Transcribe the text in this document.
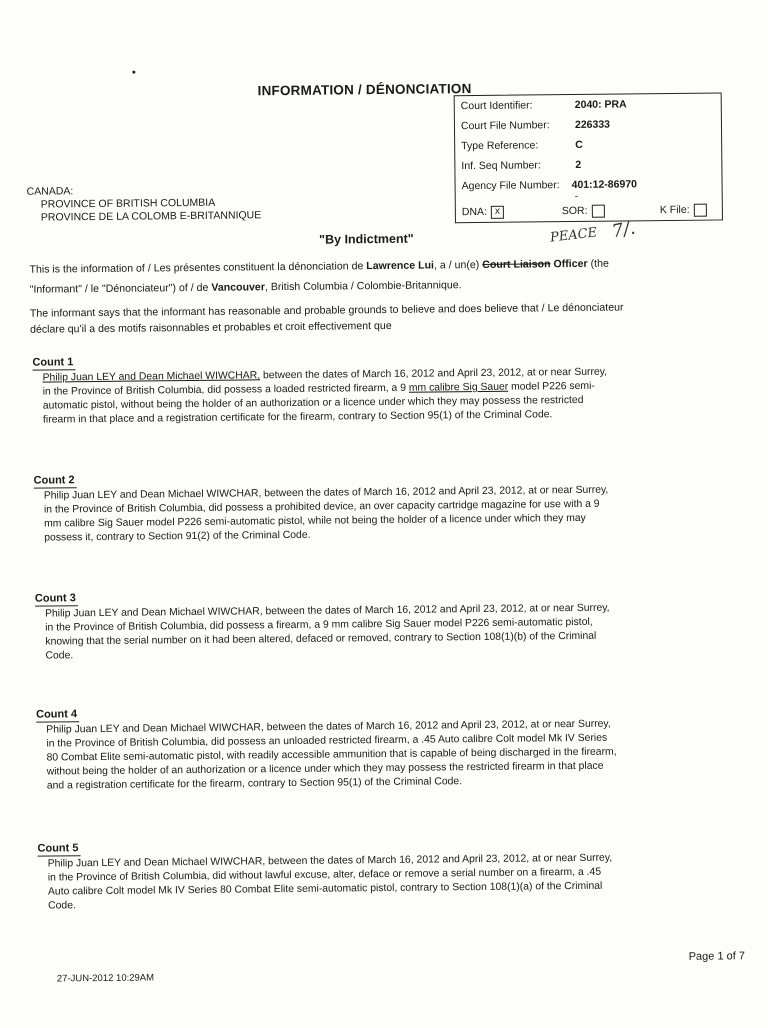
INFORMATION / DÉNONCIATION
Court Identifier:	2040: PRA
Court File Number: 226333
Type Reference:	C
Inf. Seq Number:	2
Agency File Number: 401:12-86970
DNA: x	SOR:	K File:
-
CANADA:
PROVINCE OF BRITISH COLUMBIA
PROVINCE DE LA COLOMB E-BRITANNIQUE
"By Indictment"	PEACE 7/.
This is the information of / Les présentes constituent la dénonciation de Lawrence Lui, a / un(e) Court Liaison Officer (the
"Informant" / le "Dénonciateur") of / de Vancouver, British Columbia / Colombie-Britannique.
The informant says that the informant has reasonable and probable grounds to believe and does believe that / Le dénonciateur
déclare qu'il a des motifs raisonnables et probables et croit effectivement que
Count 1
Philip Juan LEY and Dean Michael WIWCHAR, between the dates of March 16, 2012 and April 23, 2012, at or near Surrey,
in the Province of British Columbia, did possess a loaded restricted firearm, a 9 mm calibre Sig Sauer model P226 semi-
automatic pistol, without being the holder of an authorization or a licence under which they may possess the restricted
firearm in that place and a registration certificate for the firearm, contrary to Section 95(1) of the Criminal Code.
Count 2
Philip Juan LEY and Dean Michael WIWCHAR, between the dates of March 16, 2012 and April 23, 2012, at or near Surrey,
in the Province of British Columbia, did possess a prohibited device, an over capacity cartridge magazine for use with a 9
mm calibre Sig Sauer model P226 semi-automatic pistol, while not being the holder of a licence under which they may
possess it, contrary to Section 91(2) of the Criminal Code.
Count 3
Philip Juan LEY and Dean Michael WIWCHAR, between the dates of March 16, 2012 and April 23, 2012, at or near Surrey,
in the Province of British Columbia, did possess a firearm, a 9 mm calibre Sig Sauer model P226 semi-automatic pistol,
knowing that the serial number on it had been altered, defaced or removed, contrary to Section 108(1)(b) of the Criminal
Code.
Count 4
Philip Juan LEY and Dean Michael WIWCHAR, between the dates of March 16, 2012 and April 23, 2012, at or near Surrey,
in the Province of British Columbia, did possess an unloaded restricted firearm, a .45 Auto calibre Colt model Mk IV Series
80 Combat Elite semi-automatic pistol, with readily accessible ammunition that is capable of being discharged in the firearm,
without being the holder of an authorization or a licence under which they may possess the restricted firearm in that place
and a registration certificate for the firearm, contrary to Section 95(1) of the Criminal Code.
Count 5
Philip Juan LEY and Dean Michael WIWCHAR, between the dates of March 16, 2012 and April 23, 2012, at or near Surrey,
in the Province of British Columbia, did without lawful excuse, alter, deface or remove a serial number on a firearm, a .45
Auto calibre Colt model Mk IV Series 80 Combat Elite semi-automatic pistol, contrary to Section 108(1)(a) of the Criminal
Code.
Page 1 of 7
27-JUN-2012 10:29AM
